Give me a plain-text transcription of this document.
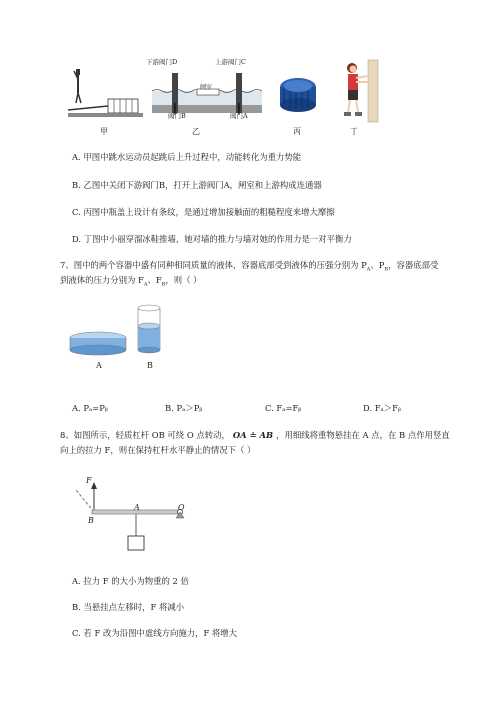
甲
下游阀门D	上游阀门C
闸室
阀门B	阀门A
乙	丙	丁
A. 甲图中跳水运动员起跳后上升过程中，动能转化为重力势能
B. 乙图中关闭下游阀门B，打开上游阀门A，闸室和上游构成连通器
C. 丙图中瓶盖上设计有条纹，是通过增加接触面的粗糙程度来增大摩擦
D. 丁图中小丽穿溜冰鞋推墙，她对墙的推力与墙对她的作用力是一对平衡力
7、图中的两个容器中盛有同种相同质量的液体，容器底部受到液体的压强分别为 $P_A$、$P_B$，容器底部受
到液体的压力分别为 $F_A$、$F_B$，则（ ）
A	B
A. Pₐ=Pᵦ	B. Pₐ＞Pᵦ	C. Fₐ=Fᵦ	D. Fₐ＞Fᵦ
8、如图所示，轻质杠杆 OB 可绕 O 点转动， OA ≐ AB ，用细线将重物悬挂在 A 点，在 B 点作用竖直
向上的拉力 F，则在保持杠杆水平静止的情况下（ ）
F
B
A	O
A. 拉力 F 的大小为物重的 2 倍
B. 当悬挂点左移时，F 将减小
C. 若 F 改为沿图中虚线方向施力，F 将增大
